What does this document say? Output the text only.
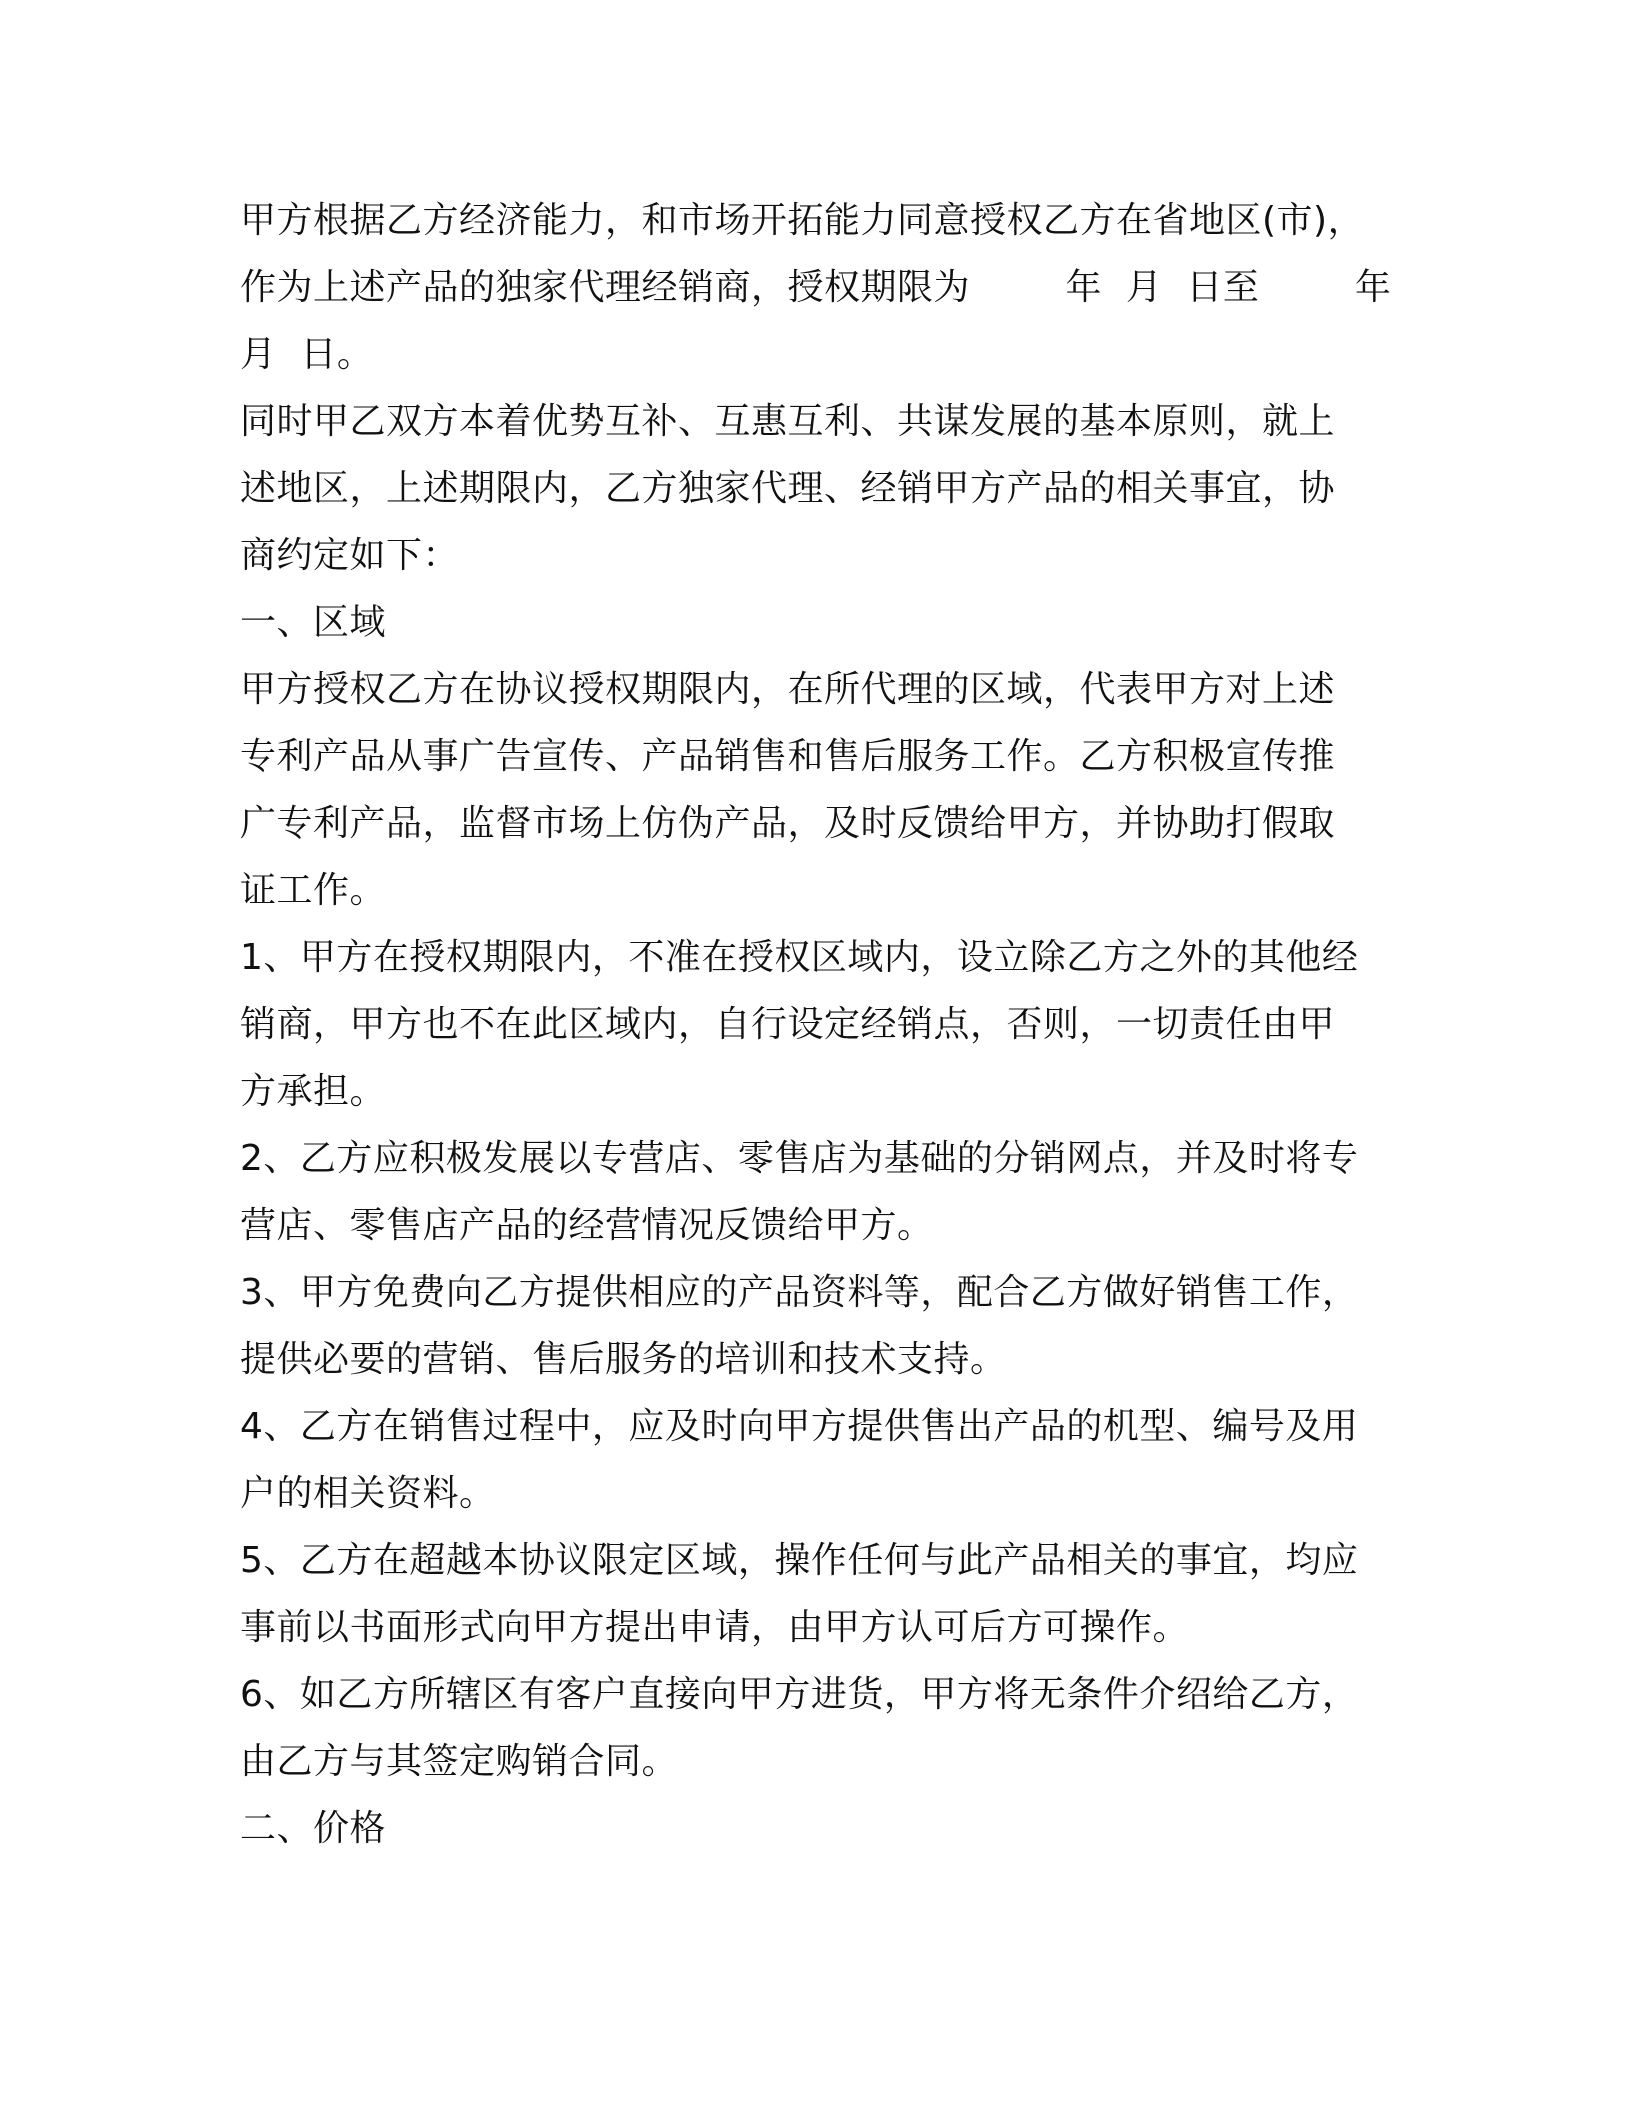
甲方根据乙方经济能力，和市场开拓能力同意授权乙方在省地区(市)，
作为上述产品的独家代理经销商，授权期限为        年  月  日至        年
月  日。
同时甲乙双方本着优势互补、互惠互利、共谋发展的基本原则，就上
述地区，上述期限内，乙方独家代理、经销甲方产品的相关事宜，协
商约定如下：
一、区域
甲方授权乙方在协议授权期限内，在所代理的区域，代表甲方对上述
专利产品从事广告宣传、产品销售和售后服务工作。乙方积极宣传推
广专利产品，监督市场上仿伪产品，及时反馈给甲方，并协助打假取
证工作。
1、甲方在授权期限内，不准在授权区域内，设立除乙方之外的其他经
销商，甲方也不在此区域内，自行设定经销点，否则，一切责任由甲
方承担。
2、乙方应积极发展以专营店、零售店为基础的分销网点，并及时将专
营店、零售店产品的经营情况反馈给甲方。
3、甲方免费向乙方提供相应的产品资料等，配合乙方做好销售工作，
提供必要的营销、售后服务的培训和技术支持。
4、乙方在销售过程中，应及时向甲方提供售出产品的机型、编号及用
户的相关资料。
5、乙方在超越本协议限定区域，操作任何与此产品相关的事宜，均应
事前以书面形式向甲方提出申请，由甲方认可后方可操作。
6、如乙方所辖区有客户直接向甲方进货，甲方将无条件介绍给乙方，
由乙方与其签定购销合同。
二、价格
